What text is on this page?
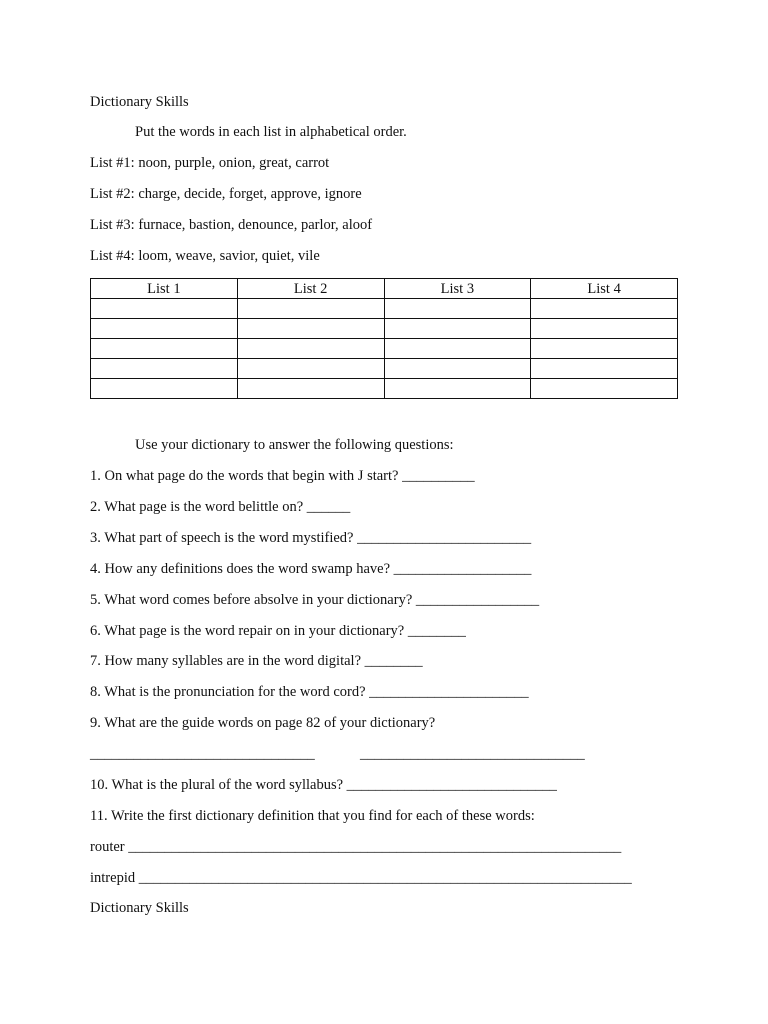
Dictionary Skills
Put the words in each list in alphabetical order.
List #1: noon, purple, onion, great, carrot
List #2: charge, decide, forget, approve, ignore
List #3: furnace, bastion, denounce, parlor, aloof
List #4: loom, weave, savior, quiet, vile
List 1	List 2	List 3	List 4

Use your dictionary to answer the following questions:
1. On what page do the words that begin with J start? __________
2. What page is the word belittle on? ______
3. What part of speech is the word mystified? ________________________
4. How any definitions does the word swamp have? ___________________
5. What word comes before absolve in your dictionary? _________________
6. What page is the word repair on in your dictionary? ________
7. How many syllables are in the word digital? ________
8. What is the pronunciation for the word cord? ______________________
9. What are the guide words on page 82 of your dictionary?
_______________________________	_______________________________
10. What is the plural of the word syllabus? _____________________________
11. Write the first dictionary definition that you find for each of these words:
router ____________________________________________________________________
intrepid ____________________________________________________________________
Dictionary Skills
